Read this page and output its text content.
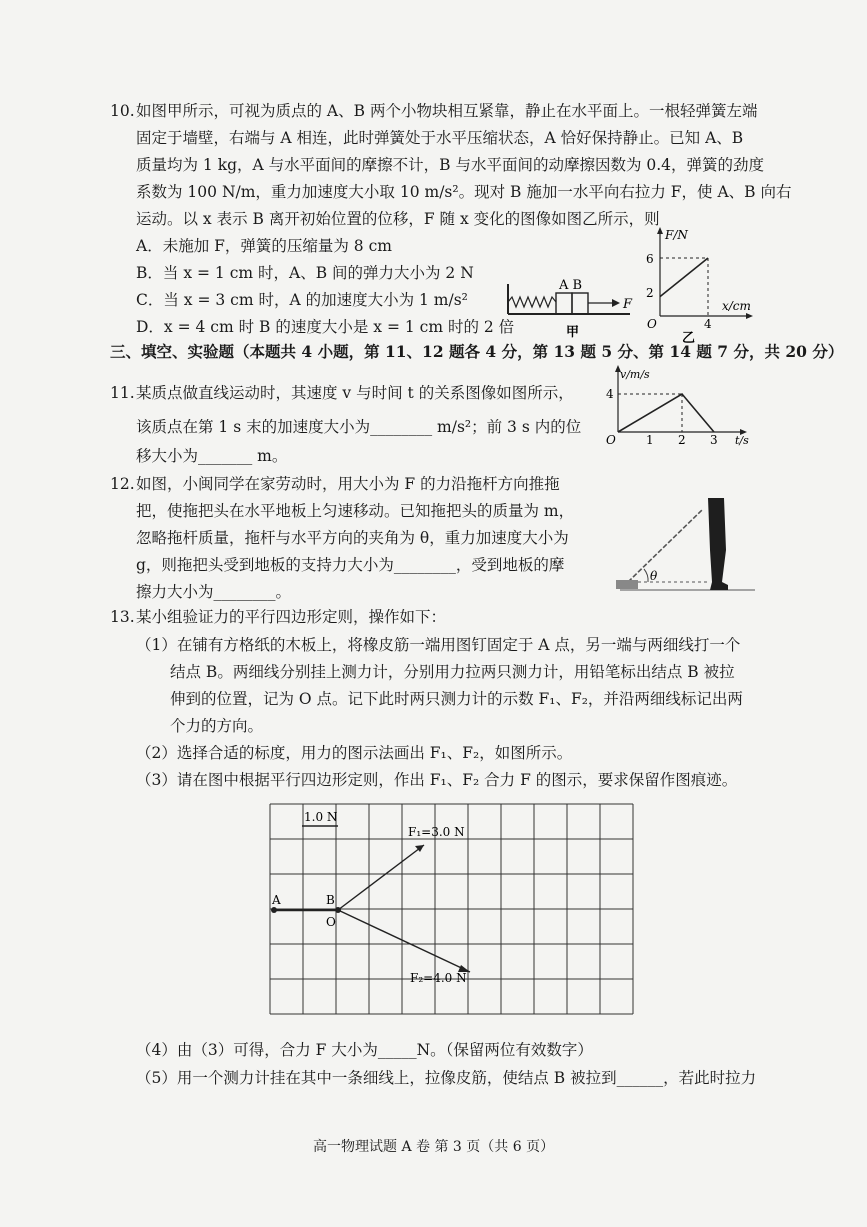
10. 如图甲所示，可视为质点的 A、B 两个小物块相互紧靠，静止在水平面上。一根轻弹簧左端
固定于墙壁，右端与 A 相连，此时弹簧处于水平压缩状态，A 恰好保持静止。已知 A、B
质量均为 1 kg，A 与水平面间的摩擦不计，B 与水平面间的动摩擦因数为 0.4，弹簧的劲度
系数为 100 N/m，重力加速度大小取 10 m/s²。现对 B 施加一水平向右拉力 F，使 A、B 向右
运动。以 x 表示 B 离开初始位置的位移，F 随 x 变化的图像如图乙所示，则
A．未施加 F，弹簧的压缩量为 8 cm
B．当 x = 1 cm 时，A、B 间的弹力大小为 2 N
C．当 x = 3 cm 时，A 的加速度大小为 1 m/s²
D．x = 4 cm 时 B 的速度大小是 x = 1 cm 时的 2 倍
A B
F
甲
F/N
x/cm
O
6
2
4
乙
三、填空、实验题（本题共 4 小题，第 11、12 题各 4 分，第 13 题 5 分、第 14 题 7 分，共 20 分）
11. 某质点做直线运动时，其速度 v 与时间 t 的关系图像如图所示，
该质点在第 1 s 末的加速度大小为________ m/s²；前 3 s 内的位
移大小为_______ m。
v/m/s
t/s
O
4
1 2 3
12. 如图，小闽同学在家劳动时，用大小为 F 的力沿拖杆方向推拖
把，使拖把头在水平地板上匀速移动。已知拖把头的质量为 m，
忽略拖杆质量，拖杆与水平方向的夹角为 θ，重力加速度大小为
g，则拖把头受到地板的支持力大小为________，受到地板的摩
擦力大小为________。
θ
13. 某小组验证力的平行四边形定则，操作如下：
（1）在铺有方格纸的木板上，将橡皮筋一端用图钉固定于 A 点，另一端与两细线打一个
结点 B。两细线分别挂上测力计，分别用力拉两只测力计，用铅笔标出结点 B 被拉
伸到的位置，记为 O 点。记下此时两只测力计的示数 F₁、F₂，并沿两细线标记出两
个力的方向。
（2）选择合适的标度，用力的图示法画出 F₁、F₂，如图所示。
（3）请在图中根据平行四边形定则，作出 F₁、F₂ 合力 F 的图示，要求保留作图痕迹。
1.0 N
A	B
O
F₁=3.0 N
F₂=4.0 N
（4）由（3）可得，合力 F 大小为_____N。（保留两位有效数字）
（5）用一个测力计挂在其中一条细线上，拉像皮筋，使结点 B 被拉到______，若此时拉力
高一物理试题 A 卷 第 3 页（共 6 页）
